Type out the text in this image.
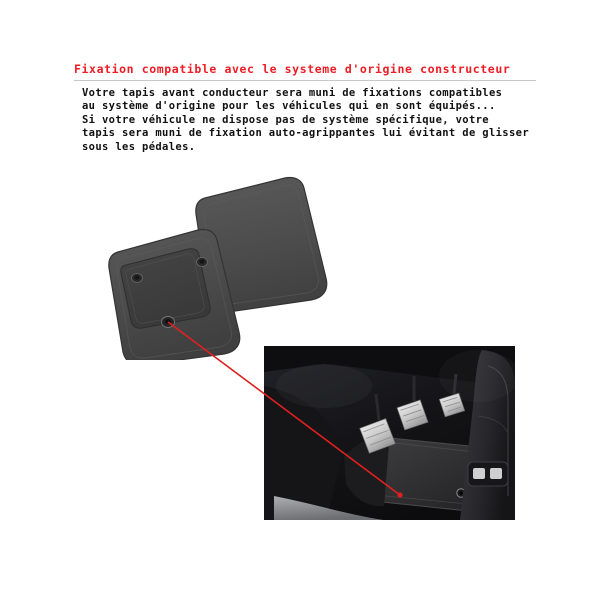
Fixation compatible avec le systeme d'origine constructeur
Votre tapis avant conducteur sera muni de fixations compatibles
au système d'origine pour les véhicules qui en sont équipés...
Si votre véhicule ne dispose pas de système spécifique, votre
tapis sera muni de fixation auto-agrippantes lui évitant de glisser
sous les pédales.
